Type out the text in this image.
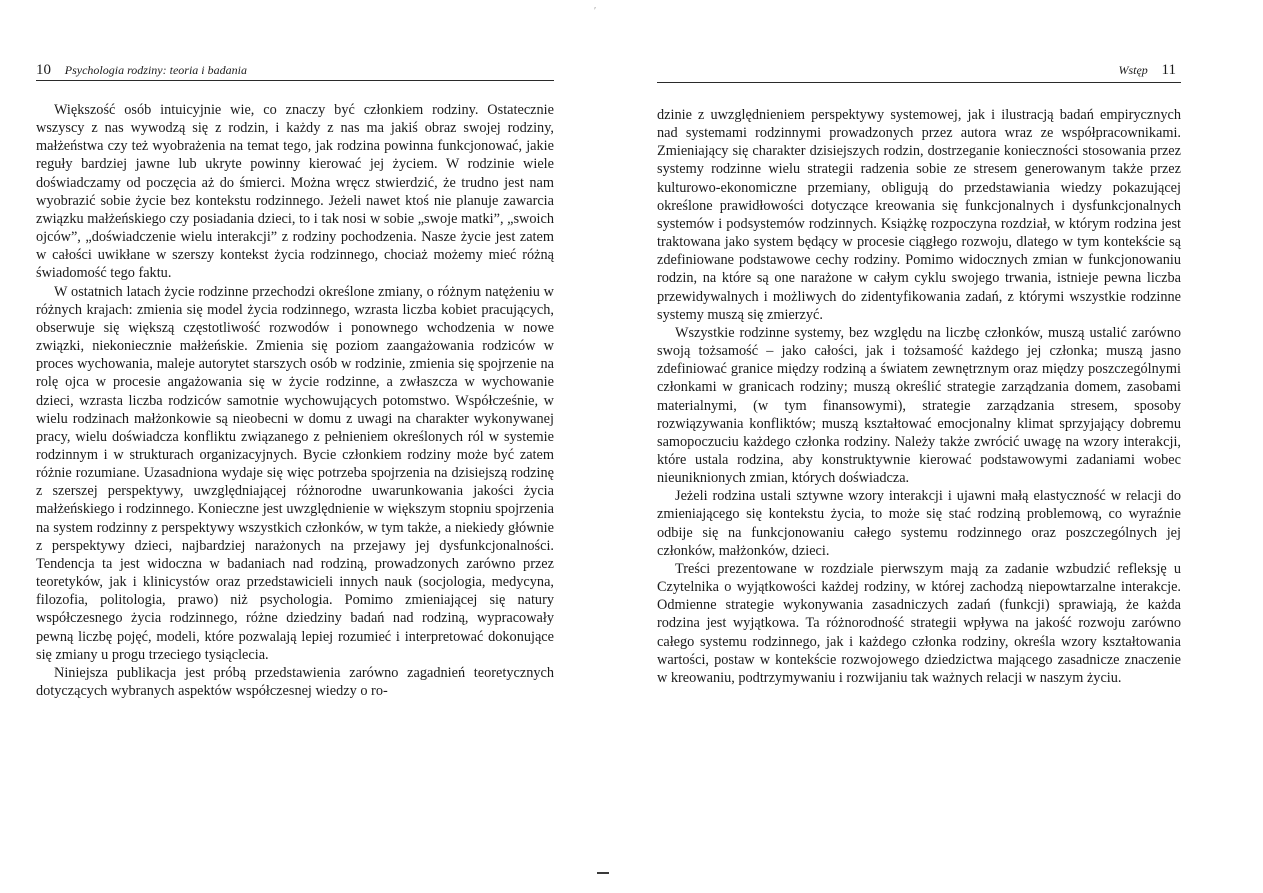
ʹ
10 Psychologia rodziny: teoria i badania

Większość osób intuicyjnie wie, co znaczy być członkiem rodziny. Ostatecznie wszyscy z nas wywodzą się z rodzin, i każdy z nas ma jakiś obraz swojej rodziny, małżeństwa czy też wyobrażenia na temat tego, jak rodzina powinna funkcjonować, jakie reguły bardziej jawne lub ukryte powinny kierować jej życiem. W rodzinie wiele doświadczamy od poczęcia aż do śmierci. Można wręcz stwierdzić, że trudno jest nam wyobrazić sobie życie bez kontekstu rodzinnego. Jeżeli nawet ktoś nie planuje zawarcia związku małżeńskiego czy posiadania dzieci, to i tak nosi w sobie „swoje matki”, „swoich ojców”, „doświadczenie wielu interakcji” z rodziny pochodzenia. Nasze życie jest zatem w całości uwikłane w szerszy kontekst życia rodzinnego, chociaż możemy mieć różną świadomość tego faktu.

W ostatnich latach życie rodzinne przechodzi określone zmiany, o różnym natężeniu w różnych krajach: zmienia się model życia rodzinnego, wzrasta liczba kobiet pracujących, obserwuje się większą częstotliwość rozwodów i ponownego wchodzenia w nowe związki, niekoniecznie małżeńskie. Zmienia się poziom zaangażowania rodziców w proces wychowania, maleje autorytet starszych osób w rodzinie, zmienia się spojrzenie na rolę ojca w procesie angażowania się w życie rodzinne, a zwłaszcza w wychowanie dzieci, wzrasta liczba rodziców samotnie wychowujących potomstwo. Współcześnie, w wielu rodzinach małżonkowie są nieobecni w domu z uwagi na charakter wykonywanej pracy, wielu doświadcza konfliktu związanego z pełnieniem określonych ról w systemie rodzinnym i w strukturach organizacyjnych. Bycie członkiem rodziny może być zatem różnie rozumiane. Uzasadniona wydaje się więc potrzeba spojrzenia na dzisiejszą rodzinę z szerszej perspektywy, uwzględniającej różnorodne uwarunkowania jakości życia małżeńskiego i rodzinnego. Konieczne jest uwzględnienie w większym stopniu spojrzenia na system rodzinny z perspektywy wszystkich członków, w tym także, a niekiedy głównie z perspektywy dzieci, najbardziej narażonych na przejawy jej dysfunkcjonalności. Tendencja ta jest widoczna w badaniach nad rodziną, prowadzonych zarówno przez teoretyków, jak i klinicystów oraz przedstawicieli innych nauk (socjologia, medycyna, filozofia, politologia, prawo) niż psychologia. Pomimo zmieniającej się natury współczesnego życia rodzinnego, różne dziedziny badań nad rodziną, wypracowały pewną liczbę pojęć, modeli, które pozwalają lepiej rozumieć i interpretować dokonujące się zmiany u progu trzeciego tysiąclecia.

Niniejsza publikacja jest próbą przedstawienia zarówno zagadnień teoretycznych dotyczących wybranych aspektów współczesnej wiedzy o ro-

Wstęp 11

dzinie z uwzględnieniem perspektywy systemowej, jak i ilustracją badań empirycznych nad systemami rodzinnymi prowadzonych przez autora wraz ze współpracownikami. Zmieniający się charakter dzisiejszych rodzin, dostrzeganie konieczności stosowania przez systemy rodzinne wielu strategii radzenia sobie ze stresem generowanym także przez kulturowo-ekonomiczne przemiany, obligują do przedstawiania wiedzy pokazującej określone prawidłowości dotyczące kreowania się funkcjonalnych i dysfunkcjonalnych systemów i podsystemów rodzinnych. Książkę rozpoczyna rozdział, w którym rodzina jest traktowana jako system będący w procesie ciągłego rozwoju, dlatego w tym kontekście są zdefiniowane podstawowe cechy rodziny. Pomimo widocznych zmian w funkcjonowaniu rodzin, na które są one narażone w całym cyklu swojego trwania, istnieje pewna liczba przewidywalnych i możliwych do zidentyfikowania zadań, z którymi wszystkie rodzinne systemy muszą się zmierzyć.

Wszystkie rodzinne systemy, bez względu na liczbę członków, muszą ustalić zarówno swoją tożsamość – jako całości, jak i tożsamość każdego jej członka; muszą jasno zdefiniować granice między rodziną a światem zewnętrznym oraz między poszczególnymi członkami w granicach rodziny; muszą określić strategie zarządzania domem, zasobami materialnymi, (w tym finansowymi), strategie zarządzania stresem, sposoby rozwiązywania konfliktów; muszą kształtować emocjonalny klimat sprzyjający dobremu samopoczuciu każdego członka rodziny. Należy także zwrócić uwagę na wzory interakcji, które ustala rodzina, aby konstruktywnie kierować podstawowymi zadaniami wobec nieuniknionych zmian, których doświadcza.

Jeżeli rodzina ustali sztywne wzory interakcji i ujawni małą elastyczność w relacji do zmieniającego się kontekstu życia, to może się stać rodziną problemową, co wyraźnie odbije się na funkcjonowaniu całego systemu rodzinnego oraz poszczególnych jej członków, małżonków, dzieci.

Treści prezentowane w rozdziale pierwszym mają za zadanie wzbudzić refleksję u Czytelnika o wyjątkowości każdej rodziny, w której zachodzą niepowtarzalne interakcje. Odmienne strategie wykonywania zasadniczych zadań (funkcji) sprawiają, że każda rodzina jest wyjątkowa. Ta różnorodność strategii wpływa na jakość rozwoju zarówno całego systemu rodzinnego, jak i każdego członka rodziny, określa wzory kształtowania wartości, postaw w kontekście rozwojowego dziedzictwa mającego zasadnicze znaczenie w kreowaniu, podtrzymywaniu i rozwijaniu tak ważnych relacji w naszym życiu.
